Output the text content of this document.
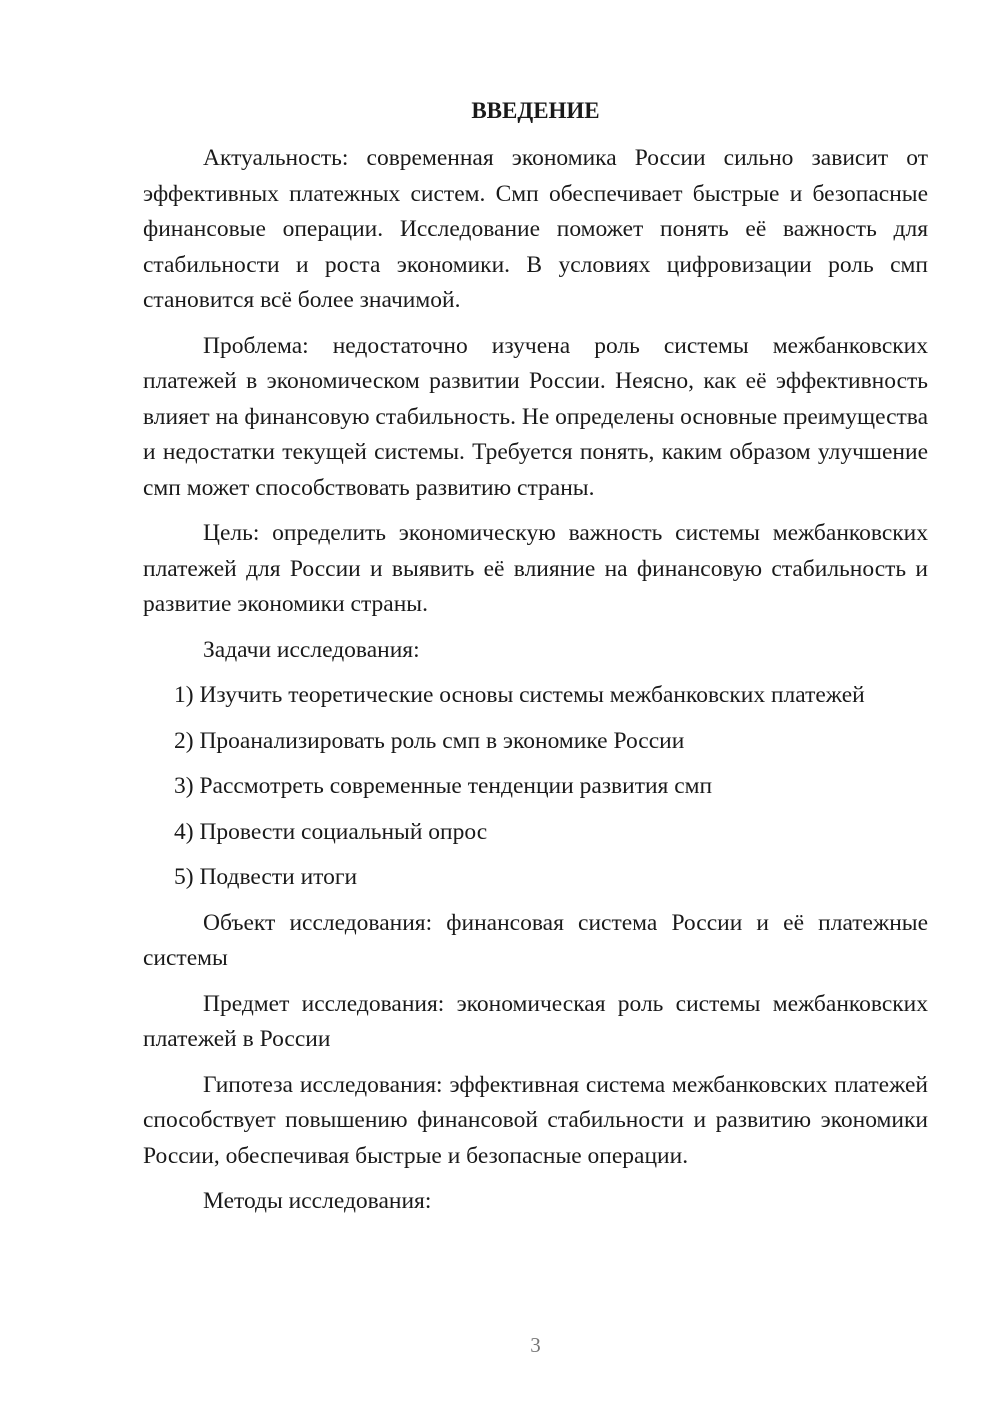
ВВЕДЕНИЕ

Актуальность: современная экономика России сильно зависит от эффективных платежных систем. Смп обеспечивает быстрые и безопасные финансовые операции. Исследование поможет понять её важность для стабильности и роста экономики. В условиях цифровизации роль смп становится всё более значимой.

Проблема: недостаточно изучена роль системы межбанковских платежей в экономическом развитии России. Неясно, как её эффективность влияет на финансовую стабильность. Не определены основные преимущества и недостатки текущей системы. Требуется понять, каким образом улучшение смп может способствовать развитию страны.

Цель: определить экономическую важность системы межбанковских платежей для России и выявить её влияние на финансовую стабильность и развитие экономики страны.

Задачи исследования:

1) Изучить теоретические основы системы межбанковских платежей

2) Проанализировать роль смп в экономике России

3) Рассмотреть современные тенденции развития смп

4) Провести социальный опрос

5) Подвести итоги

Объект исследования: финансовая система России и её платежные системы

Предмет исследования: экономическая роль системы межбанковских платежей в России

Гипотеза исследования: эффективная система межбанковских платежей способствует повышению финансовой стабильности и развитию экономики России, обеспечивая быстрые и безопасные операции.

Методы исследования:

3
